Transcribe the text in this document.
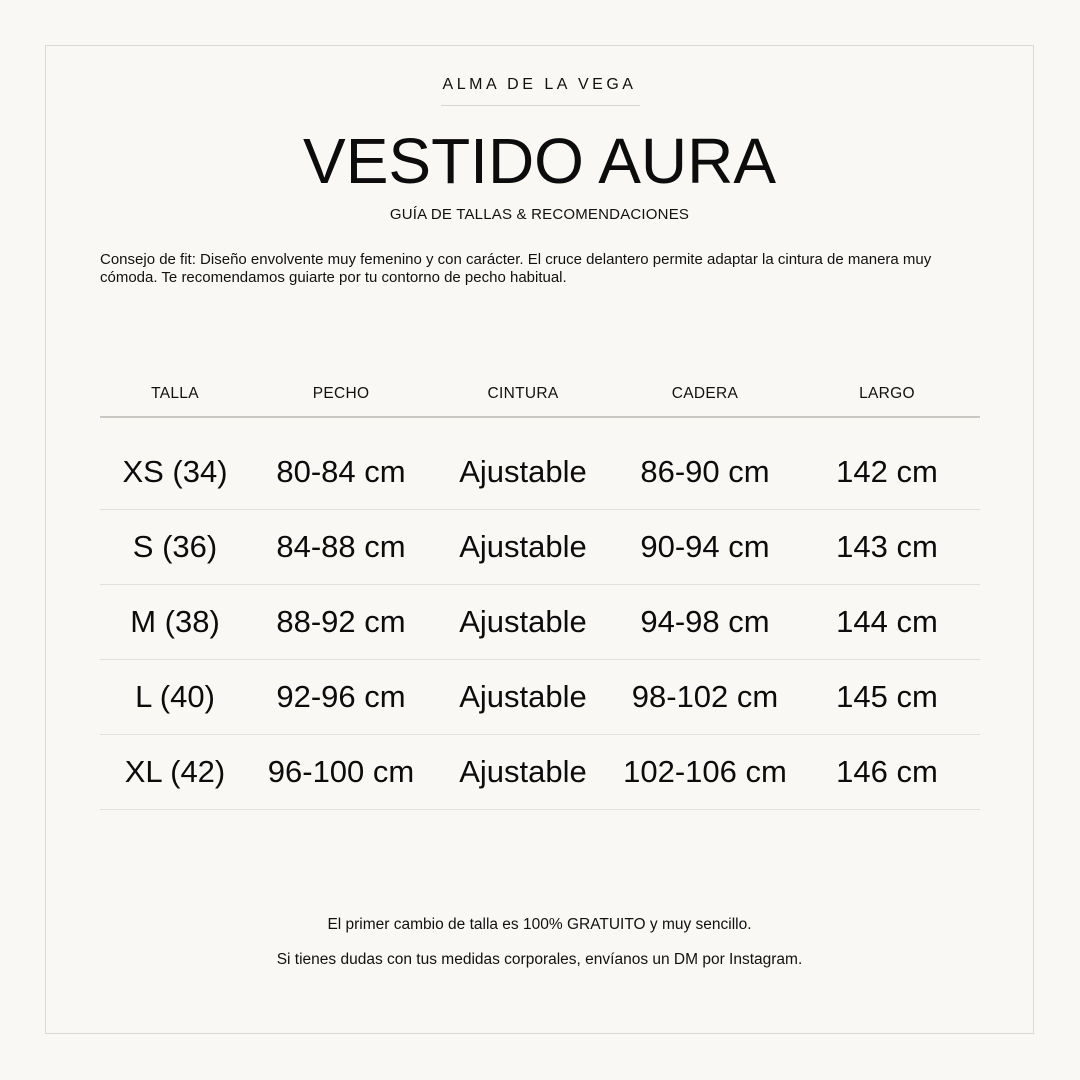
ALMA DE LA VEGA
VESTIDO AURA
GUÍA DE TALLAS & RECOMENDACIONES
Consejo de fit: Diseño envolvente muy femenino y con carácter. El cruce delantero permite adaptar la cintura de manera muy cómoda. Te recomendamos guiarte por tu contorno de pecho habitual.
TALLA	PECHO	CINTURA	CADERA	LARGO
XS (34)	80-84 cm	Ajustable	86-90 cm	142 cm
S (36)	84-88 cm	Ajustable	90-94 cm	143 cm
M (38)	88-92 cm	Ajustable	94-98 cm	144 cm
L (40)	92-96 cm	Ajustable	98-102 cm	145 cm
XL (42)	96-100 cm	Ajustable	102-106 cm	146 cm
El primer cambio de talla es 100% GRATUITO y muy sencillo.
Si tienes dudas con tus medidas corporales, envíanos un DM por Instagram.
